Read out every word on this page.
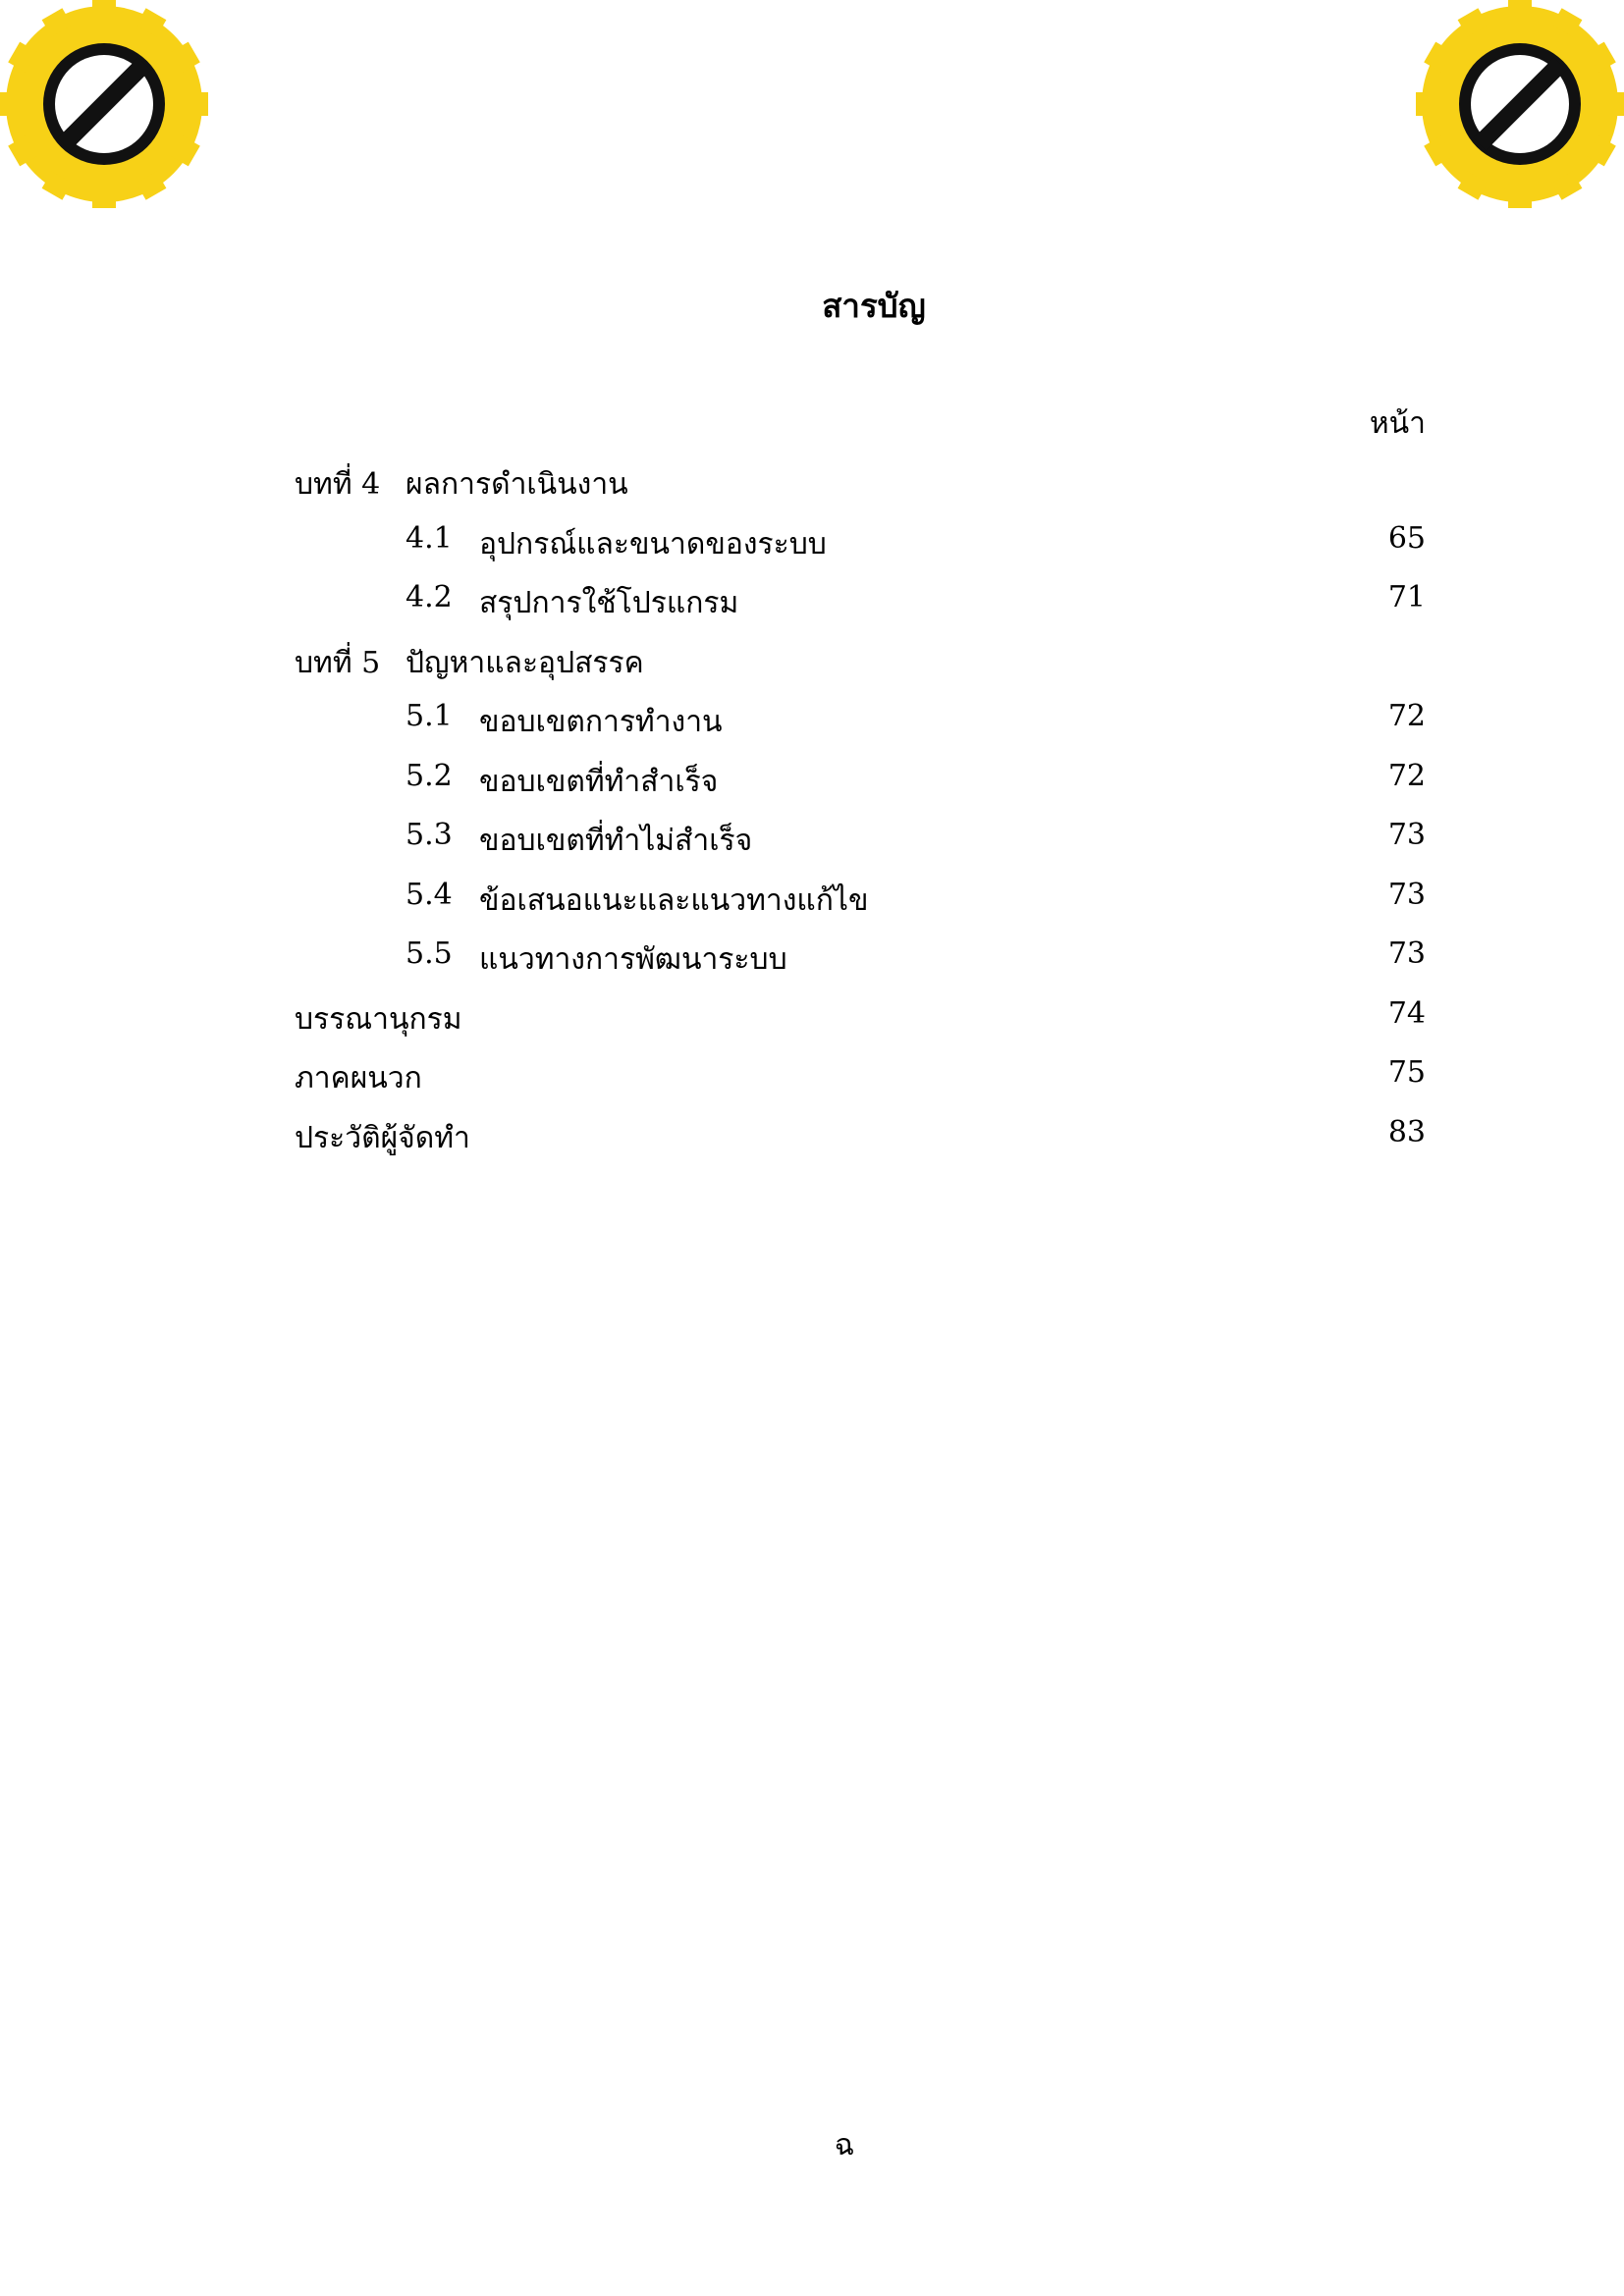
สารบัญ
หน้า
บทที่ 4 ผลการดำเนินงาน
4.1 อุปกรณ์และขนาดของระบบ	65
4.2 สรุปการใช้โปรแกรม	71
บทที่ 5 ปัญหาและอุปสรรค
5.1 ขอบเขตการทำงาน	72
5.2 ขอบเขตที่ทำสำเร็จ	72
5.3 ขอบเขตที่ทำไม่สำเร็จ	73
5.4 ข้อเสนอแนะและแนวทางแก้ไข	73
5.5 แนวทางการพัฒนาระบบ	73
บรรณานุกรม	74
ภาคผนวก	75
ประวัติผู้จัดทำ	83
ฉ
